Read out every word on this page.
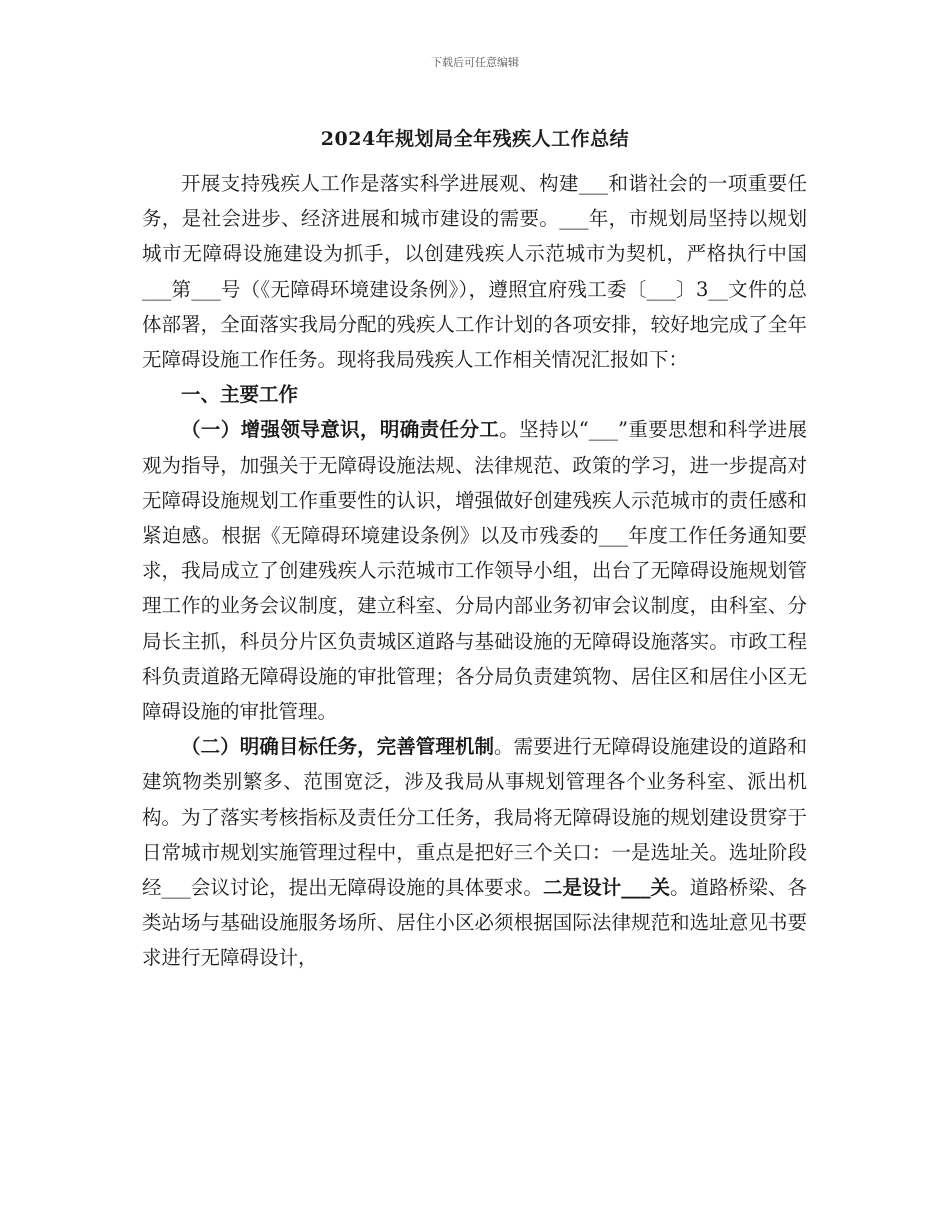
下载后可任意编辑
2024年规划局全年残疾人工作总结

开展支持残疾人工作是落实科学进展观、构建___和谐社会的一项重要任务，是社会进步、经济进展和城市建设的需要。___年，市规划局坚持以规划城市无障碍设施建设为抓手，以创建残疾人示范城市为契机，严格执行中国___第___号（《无障碍环境建设条例》），遵照宜府残工委〔___〕3__文件的总体部署，全面落实我局分配的残疾人工作计划的各项安排，较好地完成了全年无障碍设施工作任务。现将我局残疾人工作相关情况汇报如下：

一、主要工作

（一）增强领导意识，明确责任分工。坚持以“___”重要思想和科学进展观为指导，加强关于无障碍设施法规、法律规范、政策的学习，进一步提高对无障碍设施规划工作重要性的认识，增强做好创建残疾人示范城市的责任感和紧迫感。根据《无障碍环境建设条例》以及市残委的___年度工作任务通知要求，我局成立了创建残疾人示范城市工作领导小组，出台了无障碍设施规划管理工作的业务会议制度，建立科室、分局内部业务初审会议制度，由科室、分局长主抓，科员分片区负责城区道路与基础设施的无障碍设施落实。市政工程科负责道路无障碍设施的审批管理；各分局负责建筑物、居住区和居住小区无障碍设施的审批管理。

（二）明确目标任务，完善管理机制。需要进行无障碍设施建设的道路和建筑物类别繁多、范围宽泛，涉及我局从事规划管理各个业务科室、派出机构。为了落实考核指标及责任分工任务，我局将无障碍设施的规划建设贯穿于日常城市规划实施管理过程中，重点是把好三个关口：一是选址关。选址阶段经___会议讨论，提出无障碍设施的具体要求。二是设计___关。道路桥梁、各类站场与基础设施服务场所、居住小区必须根据国际法律规范和选址意见书要求进行无障碍设计，
